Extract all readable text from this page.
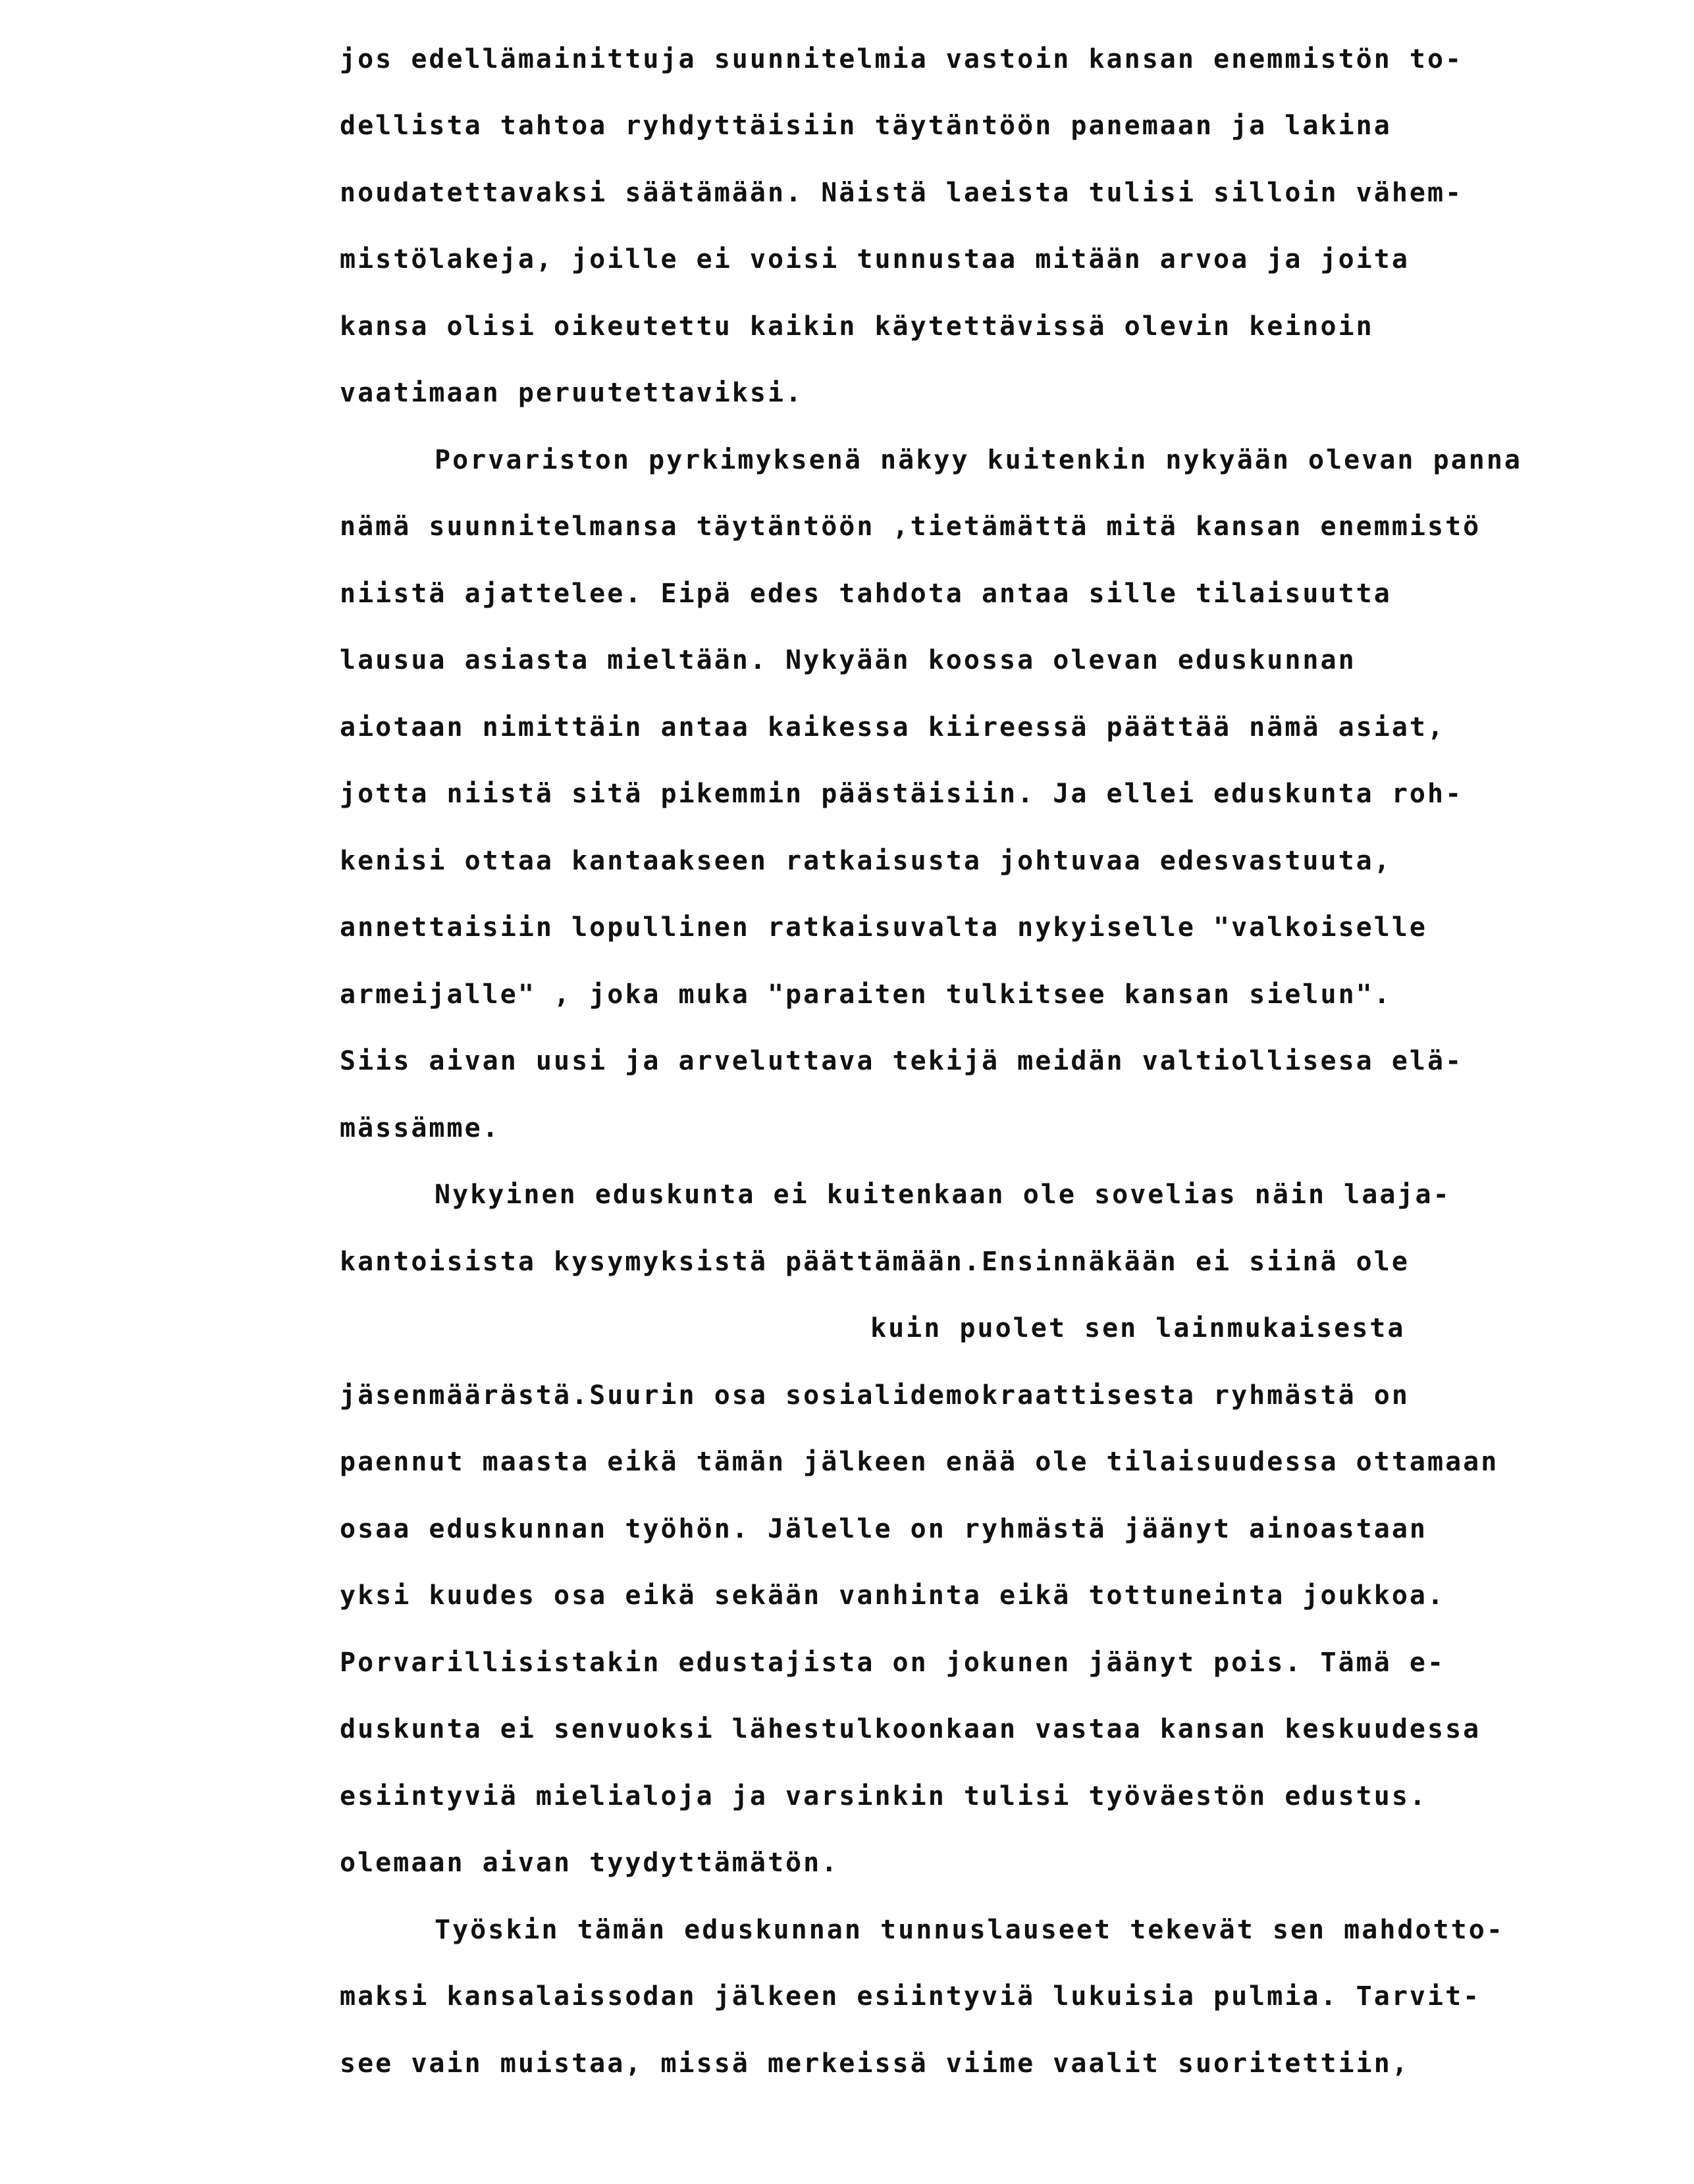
jos edellämainittuja suunnitelmia vastoin kansan enemmistön to-
dellista tahtoa ryhdyttäisiin täytäntöön panemaan ja lakina
noudatettavaksi säätämään. Näistä laeista tulisi silloin vähem-
mistölakeja, joille ei voisi tunnustaa mitään arvoa ja joita
kansa olisi oikeutettu kaikin käytettävissä olevin keinoin
vaatimaan peruutettaviksi.
Porvariston pyrkimyksenä näkyy kuitenkin nykyään olevan panna
nämä suunnitelmansa täytäntöön ,tietämättä mitä kansan enemmistö
niistä ajattelee. Eipä edes tahdota antaa sille tilaisuutta
lausua asiasta mieltään. Nykyään koossa olevan eduskunnan
aiotaan nimittäin antaa kaikessa kiireessä päättää nämä asiat,
jotta niistä sitä pikemmin päästäisiin. Ja ellei eduskunta roh-
kenisi ottaa kantaakseen ratkaisusta johtuvaa edesvastuuta,
annettaisiin lopullinen ratkaisuvalta nykyiselle "valkoiselle
armeijalle" , joka muka "paraiten tulkitsee kansan sielun".
Siis aivan uusi ja arveluttava tekijä meidän valtiollisesa elä-
mässämme.
Nykyinen eduskunta ei kuitenkaan ole sovelias näin laaja-
kantoisista kysymyksistä päättämään.Ensinnäkään ei siinä ole
kuin puolet sen lainmukaisesta
jäsenmäärästä.Suurin osa sosialidemokraattisesta ryhmästä on
paennut maasta eikä tämän jälkeen enää ole tilaisuudessa ottamaan
osaa eduskunnan työhön. Jälelle on ryhmästä jäänyt ainoastaan
yksi kuudes osa eikä sekään vanhinta eikä tottuneinta joukkoa.
Porvarillisistakin edustajista on jokunen jäänyt pois. Tämä e-
duskunta ei senvuoksi lähestulkoonkaan vastaa kansan keskuudessa
esiintyviä mielialoja ja varsinkin tulisi työväestön edustus.
olemaan aivan tyydyttämätön.
Työskin tämän eduskunnan tunnuslauseet tekevät sen mahdotto-
maksi kansalaissodan jälkeen esiintyviä lukuisia pulmia. Tarvit-
see vain muistaa, missä merkeissä viime vaalit suoritettiin,
